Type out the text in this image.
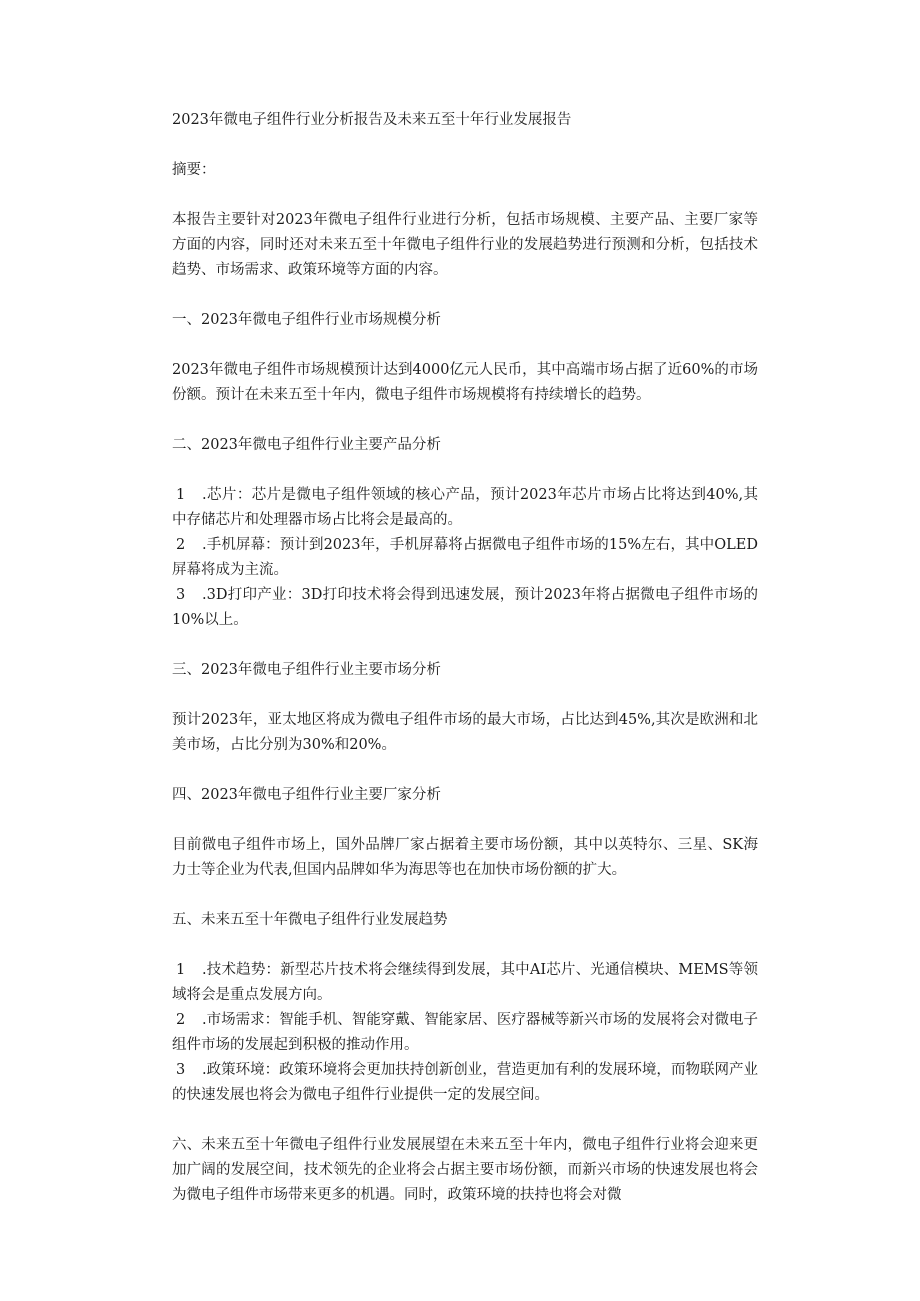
2023年微电子组件行业分析报告及未来五至十年行业发展报告

摘要：

本报告主要针对2023年微电子组件行业进行分析，包括市场规模、主要产品、主要厂家等方面的内容，同时还对未来五至十年微电子组件行业的发展趋势进行预测和分析，包括技术趋势、市场需求、政策环境等方面的内容。

一、2023年微电子组件行业市场规模分析

2023年微电子组件市场规模预计达到4000亿元人民币，其中高端市场占据了近60%的市场份额。预计在未来五至十年内，微电子组件市场规模将有持续增长的趋势。

二、2023年微电子组件行业主要产品分析
1 .芯片：芯片是微电子组件领域的核心产品，预计2023年芯片市场占比将达到40%,其中存储芯片和处理器市场占比将会是最高的。
2 .手机屏幕：预计到2023年，手机屏幕将占据微电子组件市场的15%左右，其中OLED屏幕将成为主流。
3 .3D打印产业：3D打印技术将会得到迅速发展，预计2023年将占据微电子组件市场的10%以上。
三、2023年微电子组件行业主要市场分析

预计2023年，亚太地区将成为微电子组件市场的最大市场，占比达到45%,其次是欧洲和北美市场，占比分别为30%和20%。

四、2023年微电子组件行业主要厂家分析

目前微电子组件市场上，国外品牌厂家占据着主要市场份额，其中以英特尔、三星、SK海力士等企业为代表,但国内品牌如华为海思等也在加快市场份额的扩大。

五、未来五至十年微电子组件行业发展趋势
1 .技术趋势：新型芯片技术将会继续得到发展，其中AI芯片、光通信模块、MEMS等领域将会是重点发展方向。
2 .市场需求：智能手机、智能穿戴、智能家居、医疗器械等新兴市场的发展将会对微电子组件市场的发展起到积极的推动作用。
3 .政策环境：政策环境将会更加扶持创新创业，营造更加有利的发展环境，而物联网产业的快速发展也将会为微电子组件行业提供一定的发展空间。

六、未来五至十年微电子组件行业发展展望在未来五至十年内，微电子组件行业将会迎来更加广阔的发展空间，技术领先的企业将会占据主要市场份额，而新兴市场的快速发展也将会为微电子组件市场带来更多的机遇。同时，政策环境的扶持也将会对微
